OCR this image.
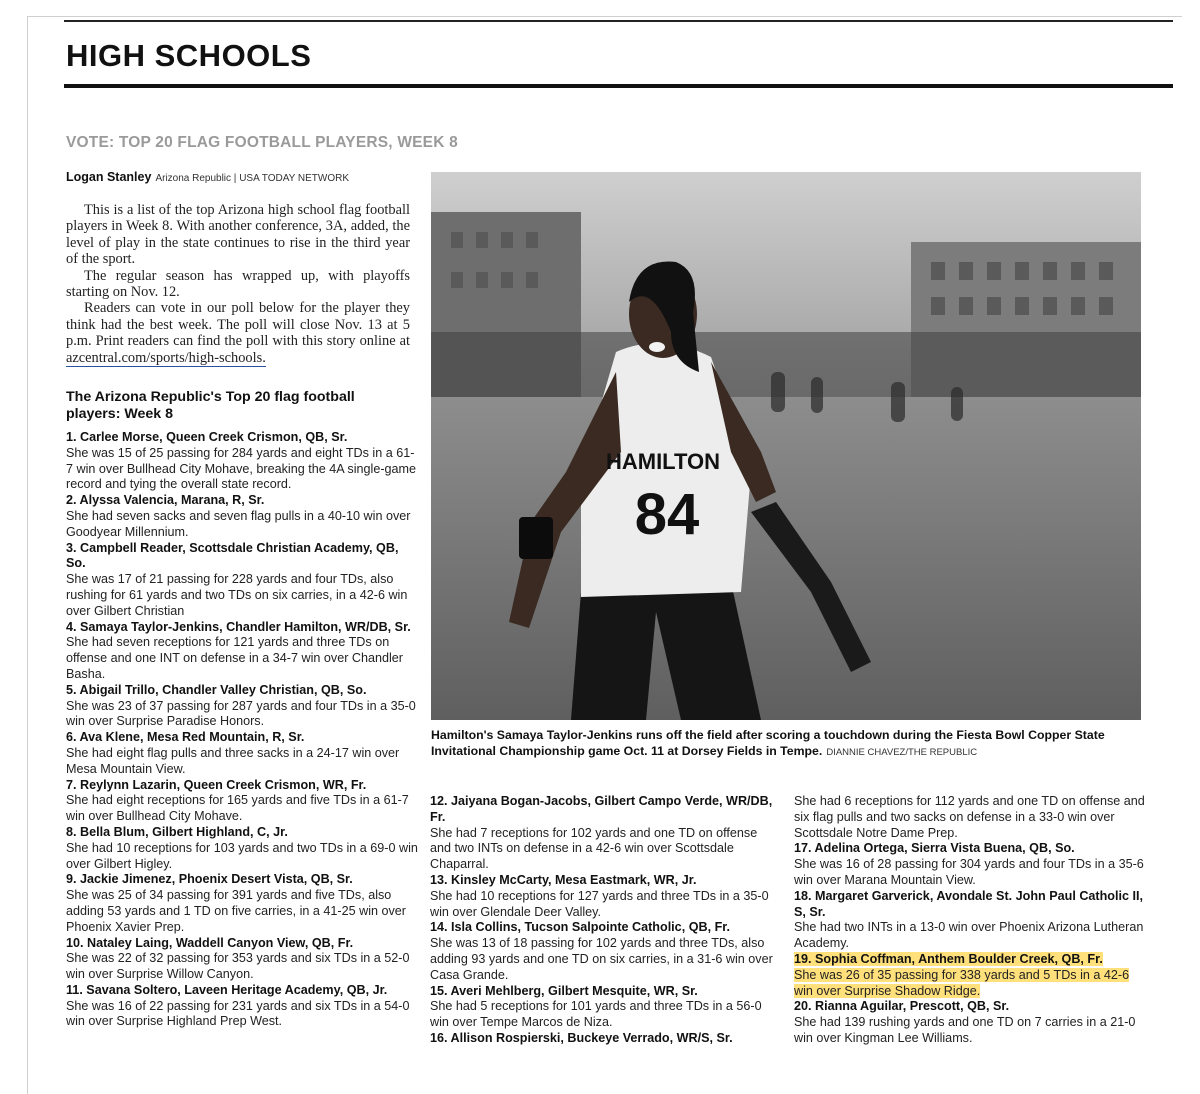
HIGH SCHOOLS
VOTE: TOP 20 FLAG FOOTBALL PLAYERS, WEEK 8
Logan Stanley Arizona Republic | USA TODAY NETWORK

This is a list of the top Arizona high school flag football players in Week 8. With another conference, 3A, added, the level of play in the state continues to rise in the third year of the sport.

The regular season has wrapped up, with playoffs starting on Nov. 12.

Readers can vote in our poll below for the player they think had the best week. The poll will close Nov. 13 at 5 p.m. Print readers can find the poll with this story online at azcentral.com/sports/high-schools.

The Arizona Republic's Top 20 flag football players: Week 8
1. Carlee Morse, Queen Creek Crismon, QB, Sr.
She was 15 of 25 passing for 284 yards and eight TDs in a 61-7 win over Bullhead City Mohave, breaking the 4A single-game record and tying the overall state record.
2. Alyssa Valencia, Marana, R, Sr.
She had seven sacks and seven flag pulls in a 40-10 win over Goodyear Millennium.
3. Campbell Reader, Scottsdale Christian Academy, QB, So.
She was 17 of 21 passing for 228 yards and four TDs, also rushing for 61 yards and two TDs on six carries, in a 42-6 win over Gilbert Christian
4. Samaya Taylor-Jenkins, Chandler Hamilton, WR/DB, Sr.
She had seven receptions for 121 yards and three TDs on offense and one INT on defense in a 34-7 win over Chandler Basha.
5. Abigail Trillo, Chandler Valley Christian, QB, So.
She was 23 of 37 passing for 287 yards and four TDs in a 35-0 win over Surprise Paradise Honors.
6. Ava Klene, Mesa Red Mountain, R, Sr.
She had eight flag pulls and three sacks in a 24-17 win over Mesa Mountain View.
7. Reylynn Lazarin, Queen Creek Crismon, WR, Fr.
She had eight receptions for 165 yards and five TDs in a 61-7 win over Bullhead City Mohave.
8. Bella Blum, Gilbert Highland, C, Jr.
She had 10 receptions for 103 yards and two TDs in a 69-0 win over Gilbert Higley.
9. Jackie Jimenez, Phoenix Desert Vista, QB, Sr.
She was 25 of 34 passing for 391 yards and five TDs, also adding 53 yards and 1 TD on five carries, in a 41-25 win over Phoenix Xavier Prep.
10. Nataley Laing, Waddell Canyon View, QB, Fr.
She was 22 of 32 passing for 353 yards and six TDs in a 52-0 win over Surprise Willow Canyon.
11. Savana Soltero, Laveen Heritage Academy, QB, Jr.
She was 16 of 22 passing for 231 yards and six TDs in a 54-0 win over Surprise Highland Prep West.
12. Jaiyana Bogan-Jacobs, Gilbert Campo Verde, WR/DB, Fr.
She had 7 receptions for 102 yards and one TD on offense and two INTs on defense in a 42-6 win over Scottsdale Chaparral.
13. Kinsley McCarty, Mesa Eastmark, WR, Jr.
She had 10 receptions for 127 yards and three TDs in a 35-0 win over Glendale Deer Valley.
14. Isla Collins, Tucson Salpointe Catholic, QB, Fr.
She was 13 of 18 passing for 102 yards and three TDs, also adding 93 yards and one TD on six carries, in a 31-6 win over Casa Grande.
15. Averi Mehlberg, Gilbert Mesquite, WR, Sr.
She had 5 receptions for 101 yards and three TDs in a 56-0 win over Tempe Marcos de Niza.
16. Allison Rospierski, Buckeye Verrado, WR/S, Sr.
She had 6 receptions for 112 yards and one TD on offense and six flag pulls and two sacks on defense in a 33-0 win over Scottsdale Notre Dame Prep.
17. Adelina Ortega, Sierra Vista Buena, QB, So.
She was 16 of 28 passing for 304 yards and four TDs in a 35-6 win over Marana Mountain View.
18. Margaret Garverick, Avondale St. John Paul Catholic II, S, Sr.
She had two INTs in a 13-0 win over Phoenix Arizona Lutheran Academy.
19. Sophia Coffman, Anthem Boulder Creek, QB, Fr.
She was 26 of 35 passing for 338 yards and 5 TDs in a 42-6 win over Surprise Shadow Ridge.
20. Rianna Aguilar, Prescott, QB, Sr.
She had 139 rushing yards and one TD on 7 carries in a 21-0 win over Kingman Lee Williams.
HAMILTON
84
Hamilton's Samaya Taylor-Jenkins runs off the field after scoring a touchdown during the Fiesta Bowl Copper State Invitational Championship game Oct. 11 at Dorsey Fields in Tempe. DIANNIE CHAVEZ/THE REPUBLIC
